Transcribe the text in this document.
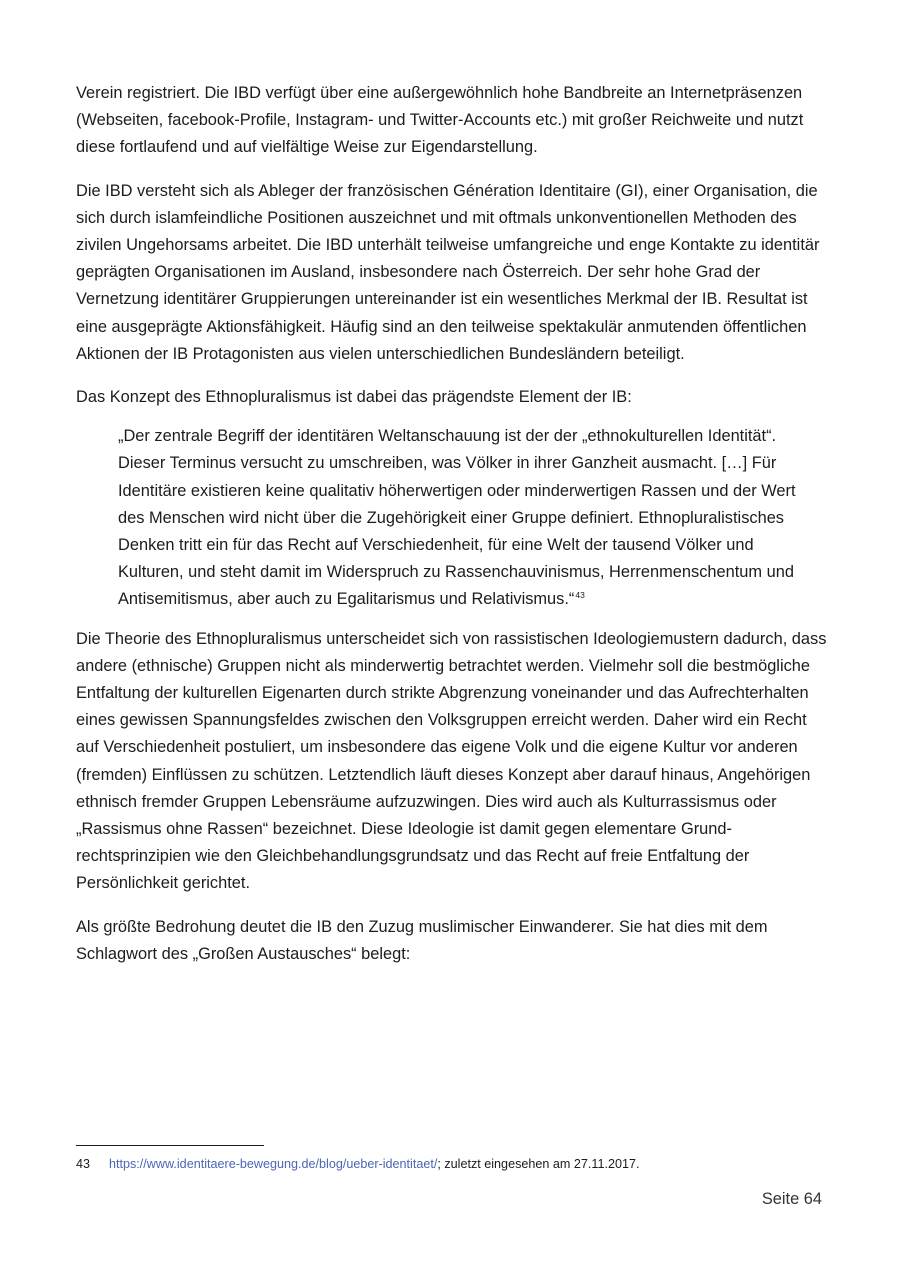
Verein registriert. Die IBD verfügt über eine außergewöhnlich hohe Bandbreite an Internetpräsenzen (Webseiten, facebook-Profile, Instagram- und Twitter-Accounts etc.) mit großer Reichweite und nutzt diese fortlaufend und auf vielfältige Weise zur Eigendarstellung.

Die IBD versteht sich als Ableger der französischen Génération Identitaire (GI), einer Organisation, die sich durch islamfeindliche Positionen auszeichnet und mit oftmals unkonventionellen Methoden des zivilen Ungehorsams arbeitet. Die IBD unterhält teilweise umfangreiche und enge Kontakte zu identitär geprägten Organisationen im Ausland, insbesondere nach Österreich. Der sehr hohe Grad der Vernetzung identitärer Gruppierungen untereinander ist ein wesentliches Merkmal der IB. Resultat ist eine ausgeprägte Aktionsfähigkeit. Häufig sind an den teilweise spektakulär anmutenden öffentlichen Aktionen der IB Protagonisten aus vielen unterschiedlichen Bundesländern beteiligt.

Das Konzept des Ethnopluralismus ist dabei das prägendste Element der IB:

„Der zentrale Begriff der identitären Weltanschauung ist der der „ethnokulturellen Identität“. Dieser Terminus versucht zu umschreiben, was Völker in ihrer Ganzheit ausmacht. […] Für Identitäre existieren keine qualitativ höherwertigen oder minderwertigen Rassen und der Wert des Menschen wird nicht über die Zugehörigkeit einer Gruppe definiert. Ethnopluralistisches Denken tritt ein für das Recht auf Verschiedenheit, für eine Welt der tausend Völker und Kulturen, und steht damit im Widerspruch zu Rassenchauvinismus, Herrenmenschentum und Antisemitismus, aber auch zu Egalitarismus und Relativismus.“$^{43}$

Die Theorie des Ethnopluralismus unterscheidet sich von rassistischen Ideologiemustern dadurch, dass andere (ethnische) Gruppen nicht als minderwertig betrachtet werden. Vielmehr soll die bestmögliche Entfaltung der kulturellen Eigenarten durch strikte Abgrenzung voneinander und das Aufrechterhalten eines gewissen Spannungsfeldes zwischen den Volksgruppen erreicht werden. Daher wird ein Recht auf Verschiedenheit postuliert, um insbesondere das eigene Volk und die eigene Kultur vor anderen (fremden) Einflüssen zu schützen. Letztendlich läuft dieses Konzept aber darauf hinaus, Angehörigen ethnisch fremder Gruppen Lebensräume aufzuzwingen. Dies wird auch als Kulturrassismus oder „Rassismus ohne Rassen“ bezeichnet. Diese Ideologie ist damit gegen elementare Grundrechtsprinzipien wie den Gleichbehandlungsgrundsatz und das Recht auf freie Entfaltung der Persönlichkeit gerichtet.

Als größte Bedrohung deutet die IB den Zuzug muslimischer Einwanderer. Sie hat dies mit dem Schlagwort des „Großen Austausches“ belegt:

43 https://www.identitaere-bewegung.de/blog/ueber-identitaet/; zuletzt eingesehen am 27.11.2017.
Seite 64
